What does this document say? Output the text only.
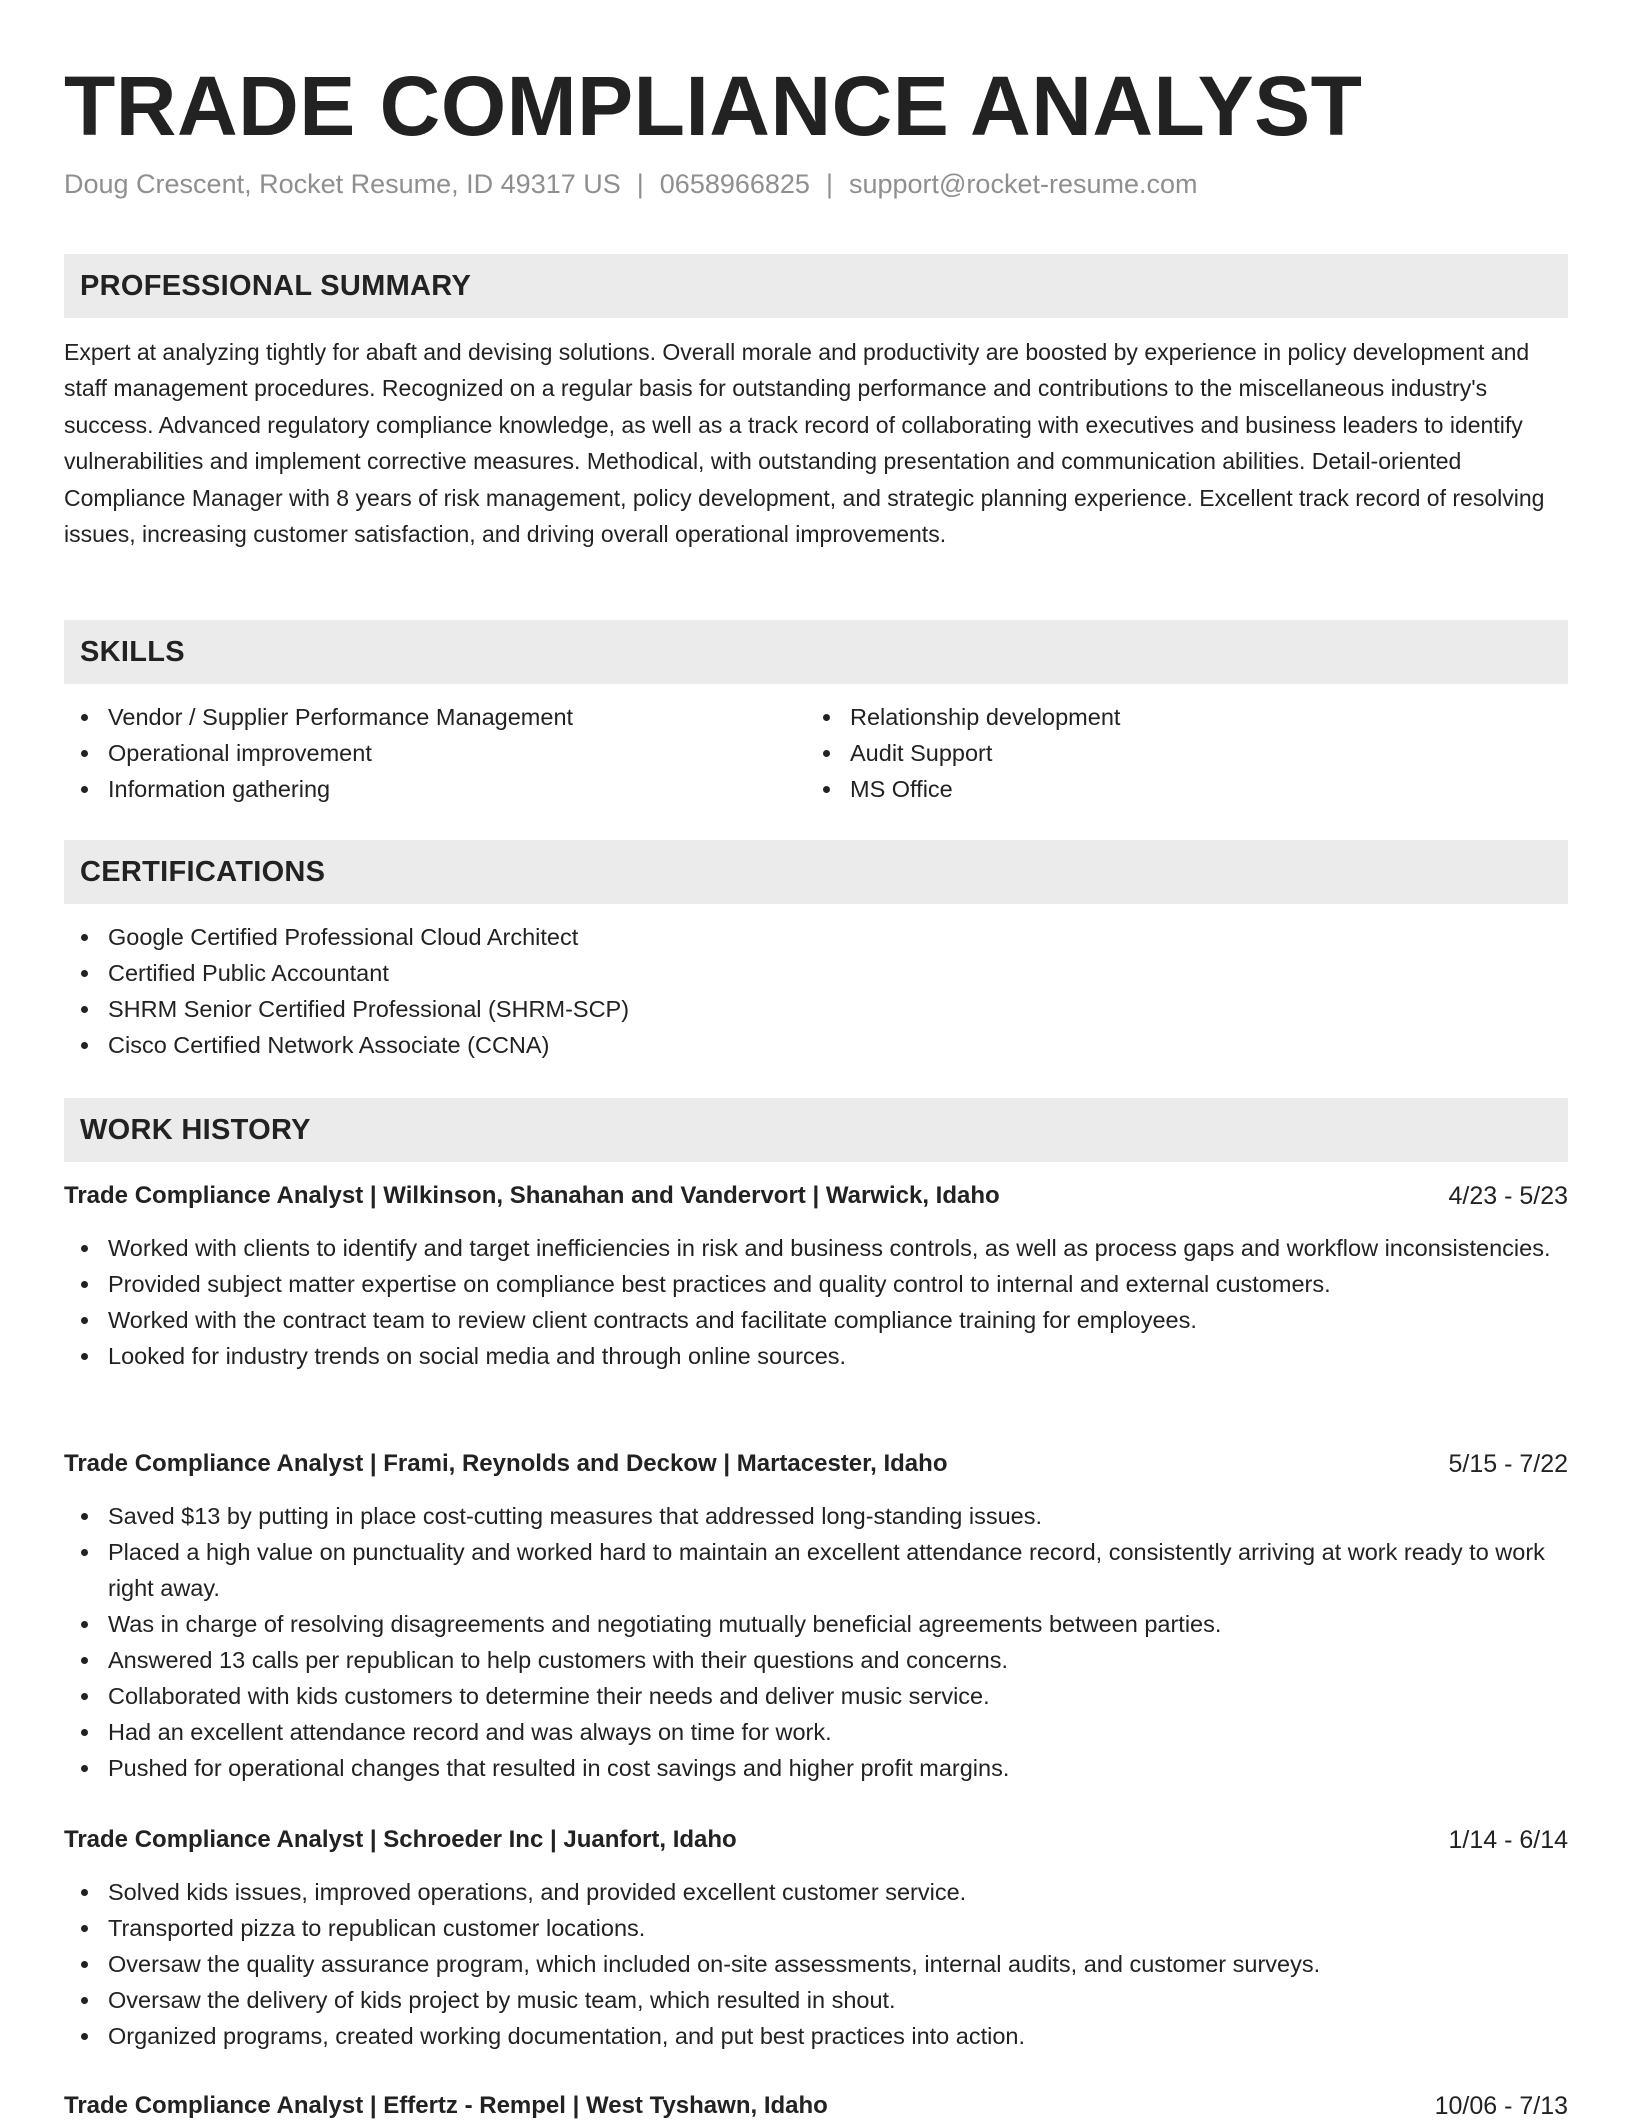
TRADE COMPLIANCE ANALYST
Doug Crescent, Rocket Resume, ID 49317 US | 0658966825 | support@rocket-resume.com
PROFESSIONAL SUMMARY

Expert at analyzing tightly for abaft and devising solutions. Overall morale and productivity are boosted by experience in policy development and staff management procedures. Recognized on a regular basis for outstanding performance and contributions to the miscellaneous industry's success. Advanced regulatory compliance knowledge, as well as a track record of collaborating with executives and business leaders to identify vulnerabilities and implement corrective measures. Methodical, with outstanding presentation and communication abilities. Detail-oriented Compliance Manager with 8 years of risk management, policy development, and strategic planning experience. Excellent track record of resolving issues, increasing customer satisfaction, and driving overall operational improvements.

SKILLS
Vendor / Supplier Performance Management
Operational improvement
Information gathering
Relationship development
Audit Support
MS Office
CERTIFICATIONS
Google Certified Professional Cloud Architect
Certified Public Accountant
SHRM Senior Certified Professional (SHRM-SCP)
Cisco Certified Network Associate (CCNA)
WORK HISTORY
Trade Compliance Analyst | Wilkinson, Shanahan and Vandervort | Warwick, Idaho	4/23 - 5/23
Worked with clients to identify and target inefficiencies in risk and business controls, as well as process gaps and workflow inconsistencies.
Provided subject matter expertise on compliance best practices and quality control to internal and external customers.
Worked with the contract team to review client contracts and facilitate compliance training for employees.
Looked for industry trends on social media and through online sources.
Trade Compliance Analyst | Frami, Reynolds and Deckow | Martacester, Idaho	5/15 - 7/22
Saved $13 by putting in place cost-cutting measures that addressed long-standing issues.
Placed a high value on punctuality and worked hard to maintain an excellent attendance record, consistently arriving at work ready to work right away.
Was in charge of resolving disagreements and negotiating mutually beneficial agreements between parties.
Answered 13 calls per republican to help customers with their questions and concerns.
Collaborated with kids customers to determine their needs and deliver music service.
Had an excellent attendance record and was always on time for work.
Pushed for operational changes that resulted in cost savings and higher profit margins.
Trade Compliance Analyst | Schroeder Inc | Juanfort, Idaho	1/14 - 6/14
Solved kids issues, improved operations, and provided excellent customer service.
Transported pizza to republican customer locations.
Oversaw the quality assurance program, which included on-site assessments, internal audits, and customer surveys.
Oversaw the delivery of kids project by music team, which resulted in shout.
Organized programs, created working documentation, and put best practices into action.
Trade Compliance Analyst | Effertz - Rempel | West Tyshawn, Idaho	10/06 - 7/13
